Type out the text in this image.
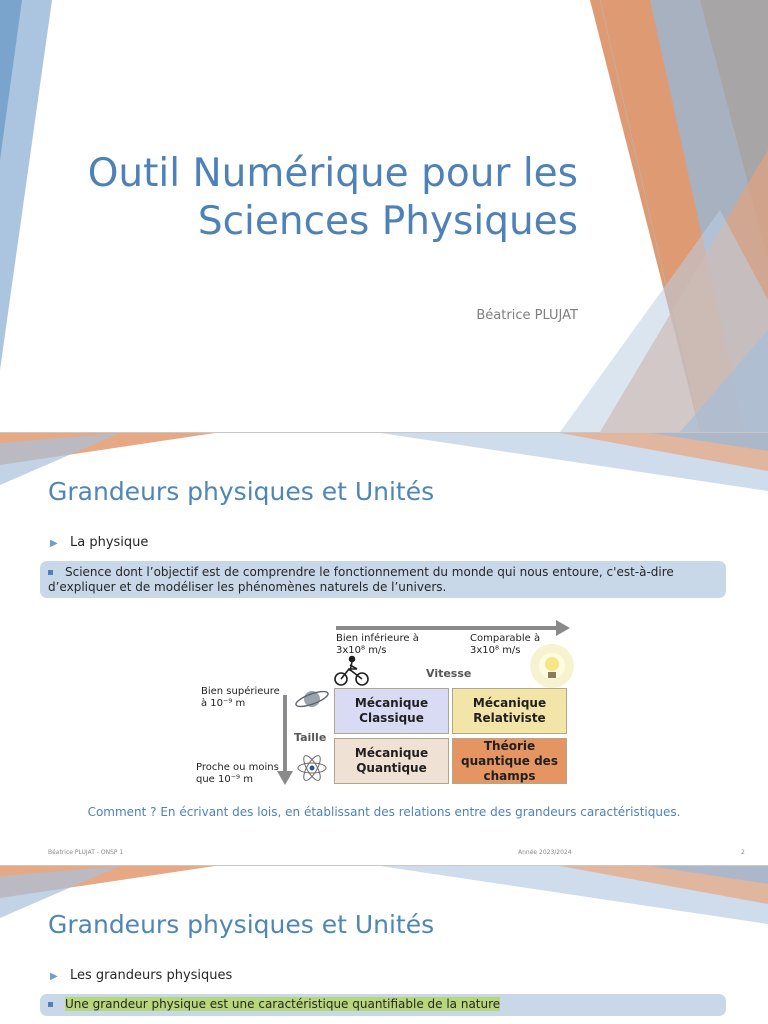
Outil Numérique pour les
Sciences Physiques
Béatrice PLUJAT
Grandeurs physiques et Unités
▶ La physique
Science dont l’objectif est de comprendre le fonctionnement du monde qui nous entoure, c'est-à-dire
d’expliquer et de modéliser les phénomènes naturels de l’univers.
Bien inférieure à
3x10⁸ m/s
Comparable à
3x10⁸ m/s
Vitesse
Taille
Bien supérieure
à 10⁻⁹ m
Proche ou moins
que 10⁻⁹ m
Mécanique
Classique
Mécanique
Relativiste
Mécanique
Quantique
Théorie
quantique des
champs
Comment ? En écrivant des lois, en établissant des relations entre des grandeurs caractéristiques.
Béatrice PLUJAT - ONSP 1	Année 2023/2024	2
Grandeurs physiques et Unités
▶ Les grandeurs physiques
Une grandeur physique est une caractéristique quantifiable de la nature
